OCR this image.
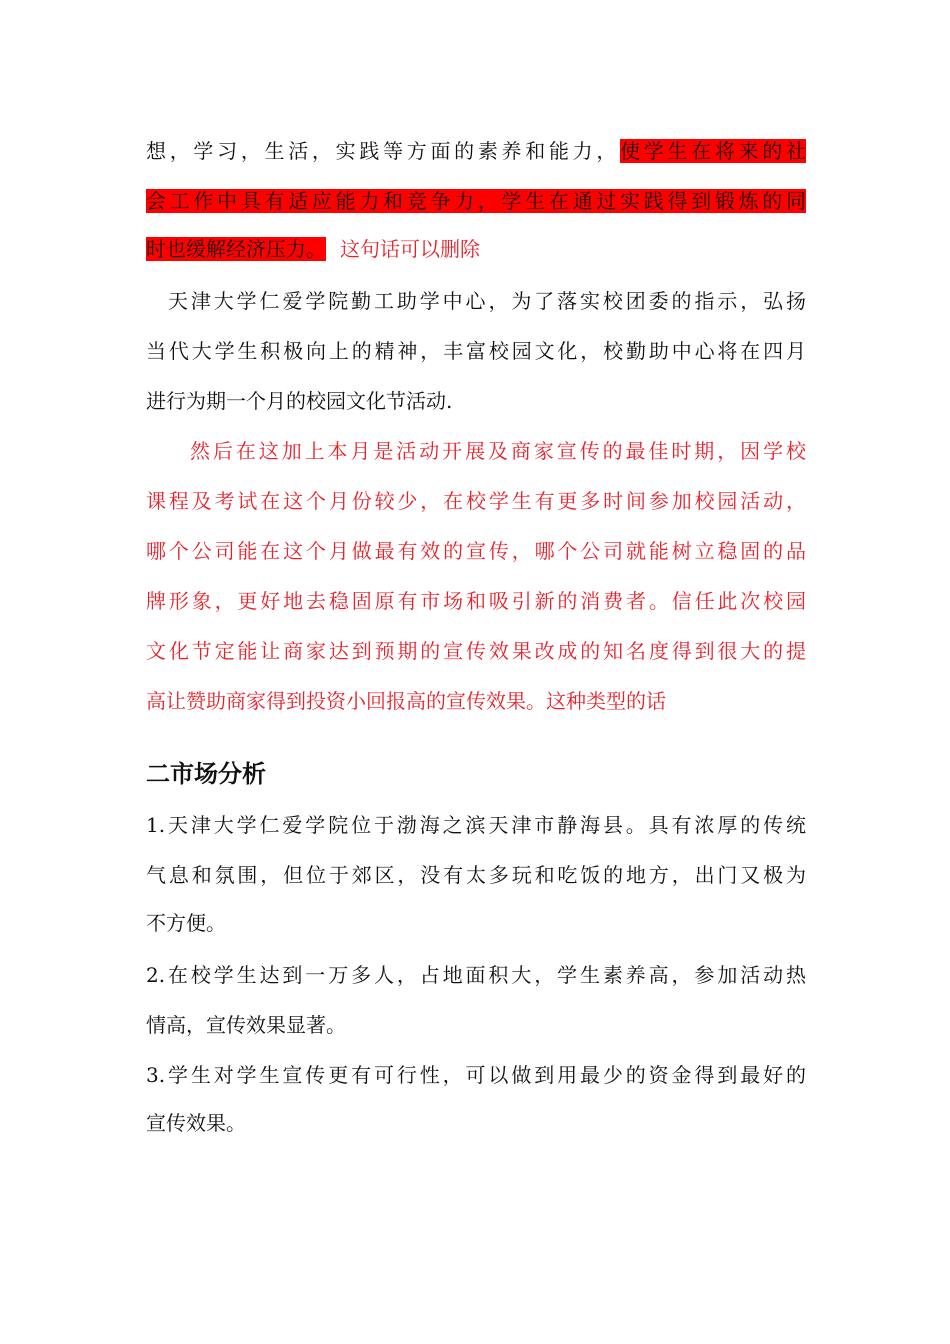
想，学习，生活，实践等方面的素养和能力，使学生在将来的社
会工作中具有适应能力和竞争力，学生在通过实践得到锻炼的同
时也缓解经济压力。 这句话可以删除
天津大学仁爱学院勤工助学中心，为了落实校团委的指示，弘扬
当代大学生积极向上的精神，丰富校园文化，校勤助中心将在四月
进行为期一个月的校园文化节活动.
然后在这加上本月是活动开展及商家宣传的最佳时期，因学校
课程及考试在这个月份较少，在校学生有更多时间参加校园活动，
哪个公司能在这个月做最有效的宣传，哪个公司就能树立稳固的品
牌形象，更好地去稳固原有市场和吸引新的消费者。信任此次校园
文化节定能让商家达到预期的宣传效果改成的知名度得到很大的提
高让赞助商家得到投资小回报高的宣传效果。这种类型的话
二市场分析
1.天津大学仁爱学院位于渤海之滨天津市静海县。具有浓厚的传统
气息和氛围，但位于郊区，没有太多玩和吃饭的地方，出门又极为
不方便。
2.在校学生达到一万多人，占地面积大，学生素养高，参加活动热
情高，宣传效果显著。
3.学生对学生宣传更有可行性，可以做到用最少的资金得到最好的
宣传效果。
